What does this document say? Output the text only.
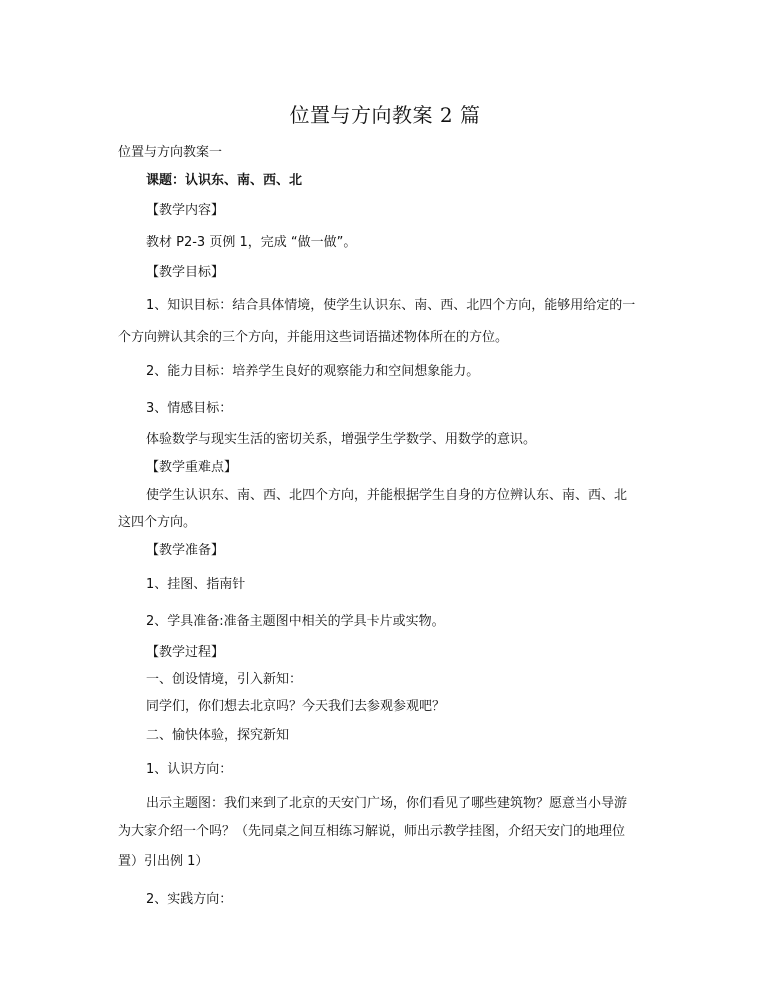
位置与方向教案 2 篇
位置与方向教案一
课题：认识东、南、西、北
【教学内容】
教材 P2-3 页例 1，完成 “做一做”。
【教学目标】
1、知识目标：结合具体情境，使学生认识东、南、西、北四个方向，能够用给定的一
个方向辨认其余的三个方向，并能用这些词语描述物体所在的方位。
2、能力目标：培养学生良好的观察能力和空间想象能力。
3、情感目标：
体验数学与现实生活的密切关系，增强学生学数学、用数学的意识。
【教学重难点】
使学生认识东、南、西、北四个方向，并能根据学生自身的方位辨认东、南、西、北
这四个方向。
【教学准备】
1、挂图、指南针
2、学具准备:准备主题图中相关的学具卡片或实物。
【教学过程】
一、创设情境，引入新知：
同学们，你们想去北京吗？今天我们去参观参观吧？
二、愉快体验，探究新知
1、认识方向：
出示主题图：我们来到了北京的天安门广场，你们看见了哪些建筑物？愿意当小导游
为大家介绍一个吗？（先同桌之间互相练习解说，师出示教学挂图，介绍天安门的地理位
置）引出例 1）
2、实践方向：
